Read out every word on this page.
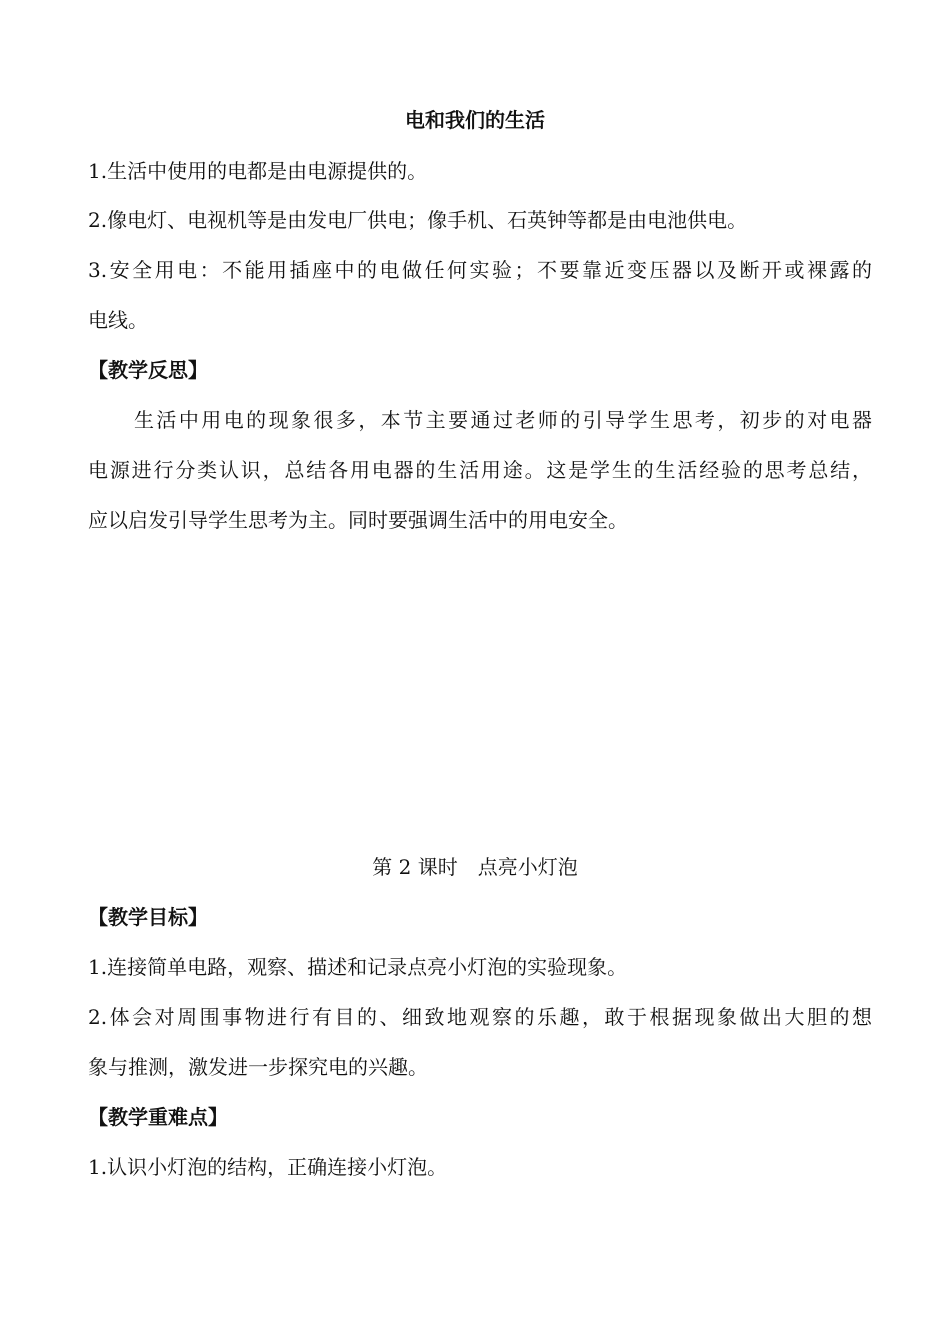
电和我们的生活
1.生活中使用的电都是由电源提供的。
2.像电灯、电视机等是由发电厂供电；像手机、石英钟等都是由电池供电。
3.安全用电：不能用插座中的电做任何实验；不要靠近变压器以及断开或裸露的
电线。
【教学反思】
生活中用电的现象很多，本节主要通过老师的引导学生思考，初步的对电器
电源进行分类认识，总结各用电器的生活用途。这是学生的生活经验的思考总结，
应以启发引导学生思考为主。同时要强调生活中的用电安全。
第 2 课时　点亮小灯泡
【教学目标】
1.连接简单电路，观察、描述和记录点亮小灯泡的实验现象。
2.体会对周围事物进行有目的、细致地观察的乐趣，敢于根据现象做出大胆的想
象与推测，激发进一步探究电的兴趣。
【教学重难点】
1.认识小灯泡的结构，正确连接小灯泡。
